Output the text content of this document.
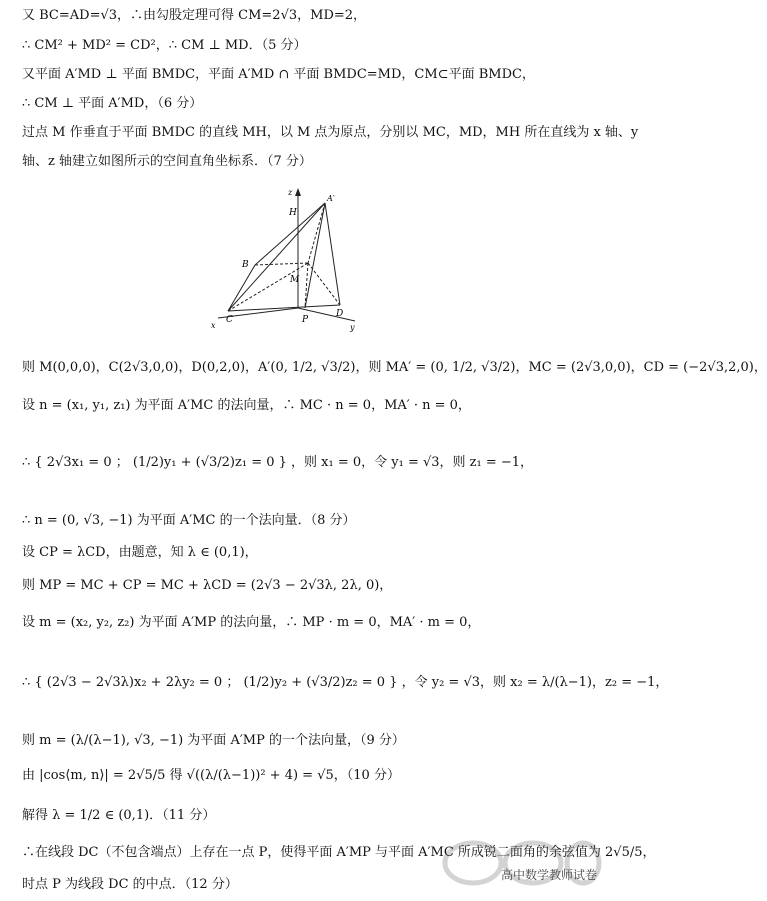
又 BC=AD=√3，∴由勾股定理可得 CM=2√3，MD=2，
∴ CM² + MD² = CD²，∴ CM ⊥ MD．（5 分）
又平面 A′MD ⊥ 平面 BMDC，平面 A′MD ∩ 平面 BMDC=MD，CM⊂平面 BMDC，
∴ CM ⊥ 平面 A′MD，（6 分）
过点 M 作垂直于平面 BMDC 的直线 MH，以 M 点为原点，分别以 MC，MD，MH 所在直线为 x 轴、y
轴、z 轴建立如图所示的空间直角坐标系．（7 分）
则 M(0,0,0)，C(2√3,0,0)，D(0,2,0)，A′(0, 1/2, √3/2)，则 MA′ = (0, 1/2, √3/2)，MC = (2√3,0,0)，CD = (−2√3,2,0)，
设 n = (x₁, y₁, z₁) 为平面 A′MC 的法向量，∴ MC · n = 0，MA′ · n = 0，
∴ { 2√3x₁ = 0 ； (1/2)y₁ + (√3/2)z₁ = 0 } ，则 x₁ = 0，令 y₁ = √3，则 z₁ = −1，
∴ n = (0, √3, −1) 为平面 A′MC 的一个法向量．（8 分）
设 CP = λCD，由题意，知 λ ∈ (0,1)，
则 MP = MC + CP = MC + λCD = (2√3 − 2√3λ, 2λ, 0)，
设 m = (x₂, y₂, z₂) 为平面 A′MP 的法向量，∴ MP · m = 0，MA′ · m = 0，
∴ { (2√3 − 2√3λ)x₂ + 2λy₂ = 0 ； (1/2)y₂ + (√3/2)z₂ = 0 } ，令 y₂ = √3，则 x₂ = λ/(λ−1)，z₂ = −1，
则 m = (λ/(λ−1), √3, −1) 为平面 A′MP 的一个法向量，（9 分）
由 |cos⟨m, n⟩| = 2√5/5 得 √((λ/(λ−1))² + 4) = √5，（10 分）
解得 λ = 1/2 ∈ (0,1)．（11 分）
∴在线段 DC（不包含端点）上存在一点 P，使得平面 A′MP 与平面 A′MC 所成锐二面角的余弦值为 2√5/5，
时点 P 为线段 DC 的中点．（12 分）
z
H
A′
B
M
C	P
D
x	y
高中数学教师试卷
